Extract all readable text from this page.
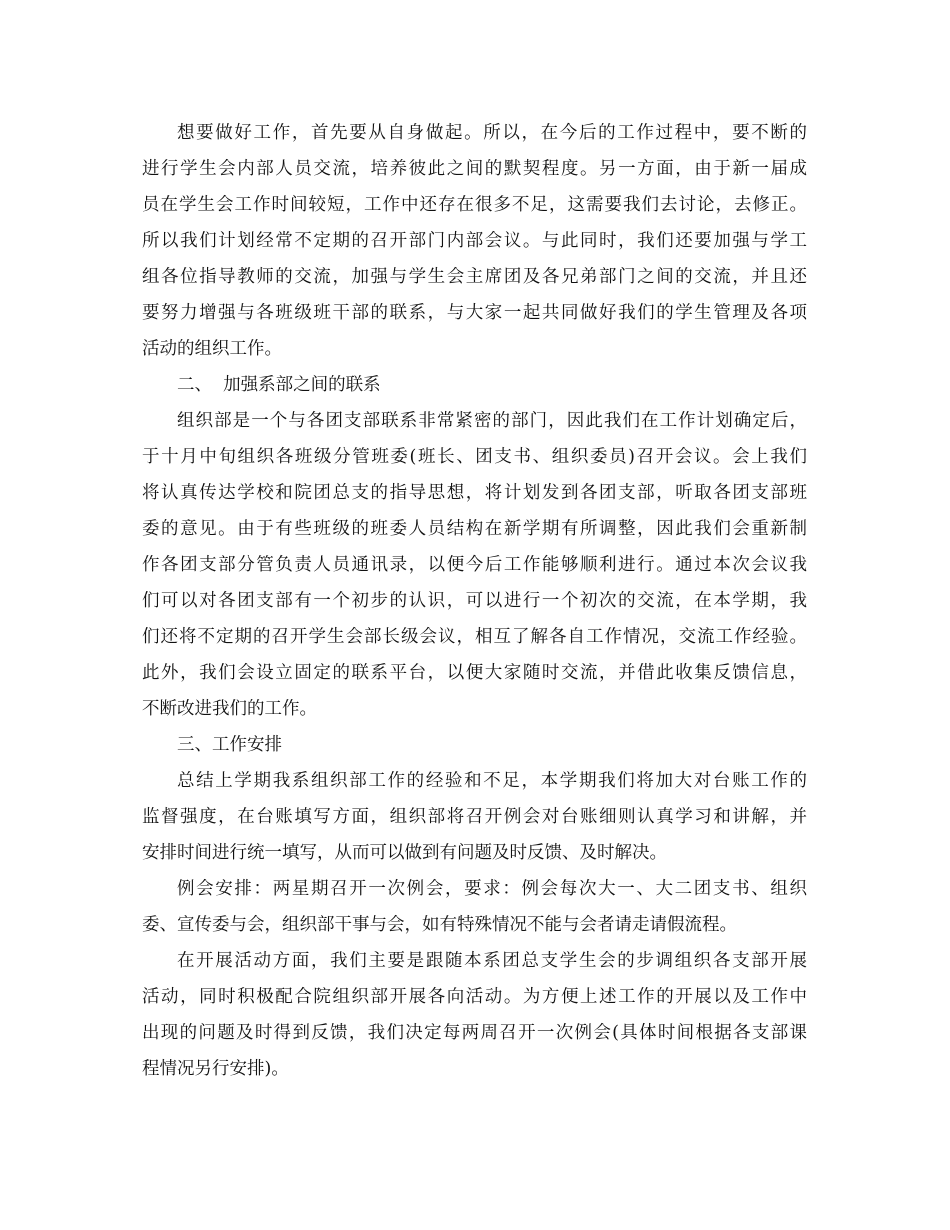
想要做好工作，首先要从自身做起。所以，在今后的工作过程中，要不断的
进行学生会内部人员交流，培养彼此之间的默契程度。另一方面，由于新一届成
员在学生会工作时间较短，工作中还存在很多不足，这需要我们去讨论，去修正。
所以我们计划经常不定期的召开部门内部会议。与此同时，我们还要加强与学工
组各位指导教师的交流，加强与学生会主席团及各兄弟部门之间的交流，并且还
要努力增强与各班级班干部的联系，与大家一起共同做好我们的学生管理及各项
活动的组织工作。
二、  加强系部之间的联系
组织部是一个与各团支部联系非常紧密的部门，因此我们在工作计划确定后，
于十月中旬组织各班级分管班委(班长、团支书、组织委员)召开会议。会上我们
将认真传达学校和院团总支的指导思想，将计划发到各团支部，听取各团支部班
委的意见。由于有些班级的班委人员结构在新学期有所调整，因此我们会重新制
作各团支部分管负责人员通讯录，以便今后工作能够顺利进行。通过本次会议我
们可以对各团支部有一个初步的认识，可以进行一个初次的交流，在本学期，我
们还将不定期的召开学生会部长级会议，相互了解各自工作情况，交流工作经验。
此外，我们会设立固定的联系平台，以便大家随时交流，并借此收集反馈信息，
不断改进我们的工作。
三、工作安排
总结上学期我系组织部工作的经验和不足，本学期我们将加大对台账工作的
监督强度，在台账填写方面，组织部将召开例会对台账细则认真学习和讲解，并
安排时间进行统一填写，从而可以做到有问题及时反馈、及时解决。
例会安排：两星期召开一次例会，要求：例会每次大一、大二团支书、组织
委、宣传委与会，组织部干事与会，如有特殊情况不能与会者请走请假流程。
在开展活动方面，我们主要是跟随本系团总支学生会的步调组织各支部开展
活动，同时积极配合院组织部开展各向活动。为方便上述工作的开展以及工作中
出现的问题及时得到反馈，我们决定每两周召开一次例会(具体时间根据各支部课
程情况另行安排)。
